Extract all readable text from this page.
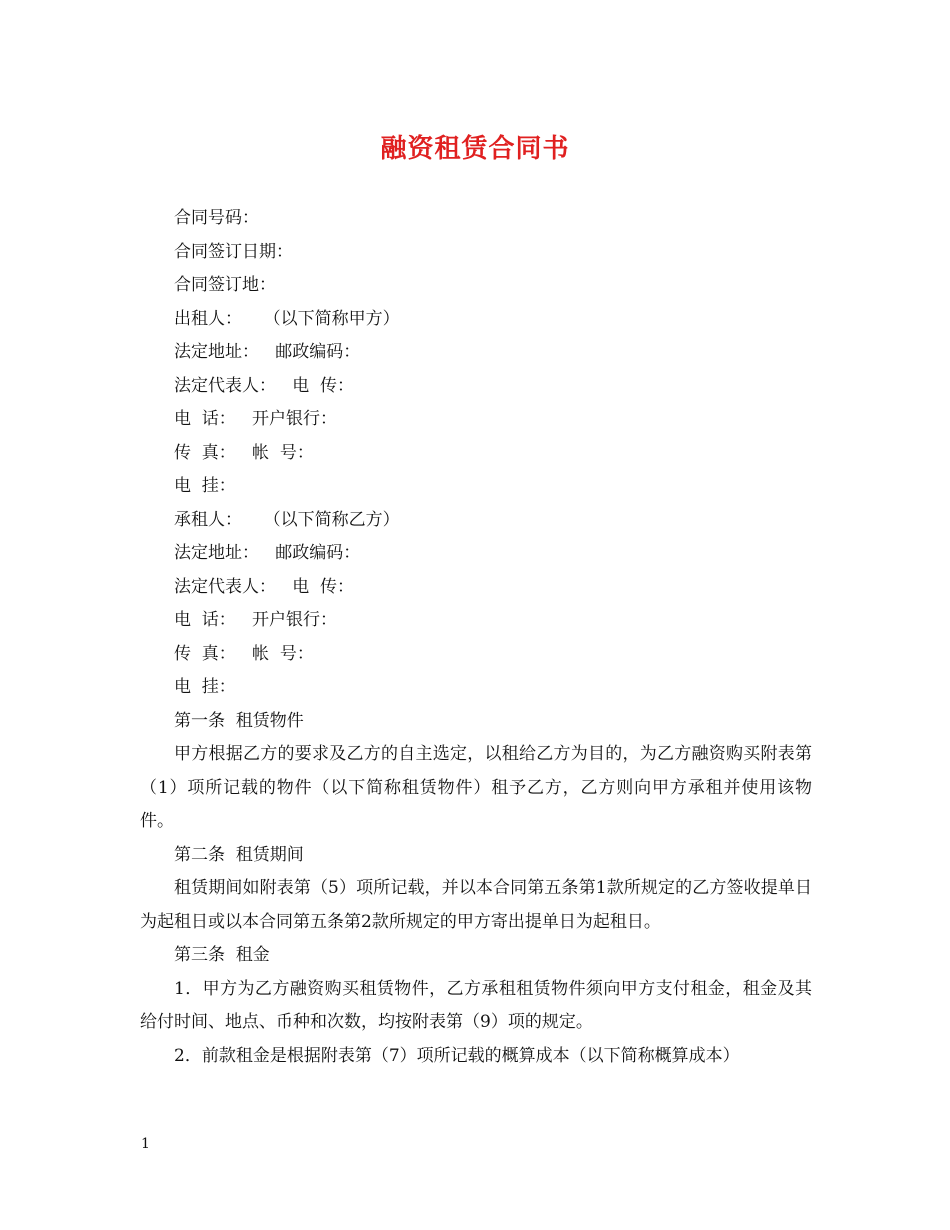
融资租赁合同书

合同号码：

合同签订日期：

合同签订地：

出租人：    （以下简称甲方）

法定地址：   邮政编码：

法定代表人：   电  传：

电  话：   开户银行：

传  真：   帐  号：

电  挂：

承租人：    （以下简称乙方）

法定地址：   邮政编码：

法定代表人：   电  传：

电  话：   开户银行：

传  真：   帐  号：

电  挂：

第一条  租赁物件

甲方根据乙方的要求及乙方的自主选定，以租给乙方为目的，为乙方融资购买附表第（1）项所记载的物件（以下简称租赁物件）租予乙方，乙方则向甲方承租并使用该物件。

第二条  租赁期间

租赁期间如附表第（5）项所记载，并以本合同第五条第1款所规定的乙方签收提单日为起租日或以本合同第五条第2款所规定的甲方寄出提单日为起租日。

第三条  租金

1．甲方为乙方融资购买租赁物件，乙方承租租赁物件须向甲方支付租金，租金及其给付时间、地点、币种和次数，均按附表第（9）项的规定。

2．前款租金是根据附表第（7）项所记载的概算成本（以下简称概算成本）

1
